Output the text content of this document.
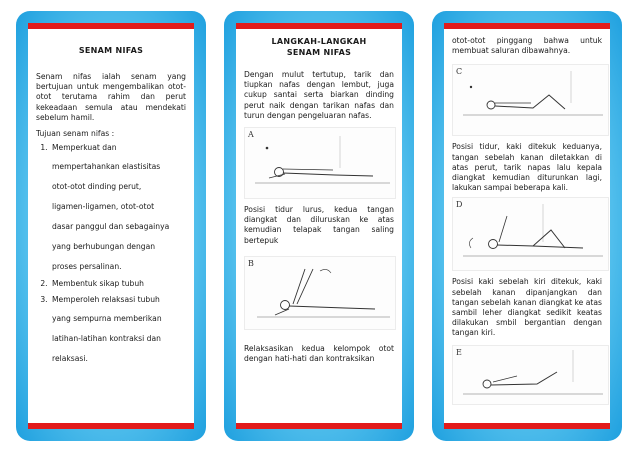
SENAM NIFAS

Senam nifas ialah senam yang bertujuan untuk mengembalikan otot-otot terutama rahim dan perut kekeadaan semula atau mendekati sebelum hamil.

Tujuan senam nifas :

1. Memperkuat dan
mempertahankan elastisitas
otot-otot dinding perut,
ligamen-ligamen, otot-otot
dasar panggul dan sebagainya
yang berhubungan dengan
proses persalinan.
2. Membentuk sikap tubuh
3. Memperoleh relaksasi tubuh
yang sempurna memberikan
latihan-latihan kontraksi dan
relaksasi.
LANGKAH-LANGKAH
SENAM NIFAS

Dengan mulut tertutup, tarik dan tiupkan nafas dengan lembut, juga cukup santai serta biarkan dinding perut naik dengan tarikan nafas dan turun dengan pengeluaran nafas.

A

Posisi tidur lurus, kedua tangan diangkat dan diluruskan ke atas kemudian telapak tangan saling bertepuk

B

Relaksasikan kedua kelompok otot dengan hati-hati dan kontraksikan

otot-otot pinggang bahwa untuk membuat saluran dibawahnya.

C

Posisi tidur, kaki ditekuk keduanya, tangan sebelah kanan diletakkan di atas perut, tarik napas lalu kepala diangkat kemudian diturunkan lagi, lakukan sampai beberapa kali.

D

Posisi kaki sebelah kiri ditekuk, kaki sebelah kanan dipanjangkan dan tangan sebelah kanan diangkat ke atas sambil leher diangkat sedikit keatas dilakukan smbil bergantian dengan tangan kiri.

E
